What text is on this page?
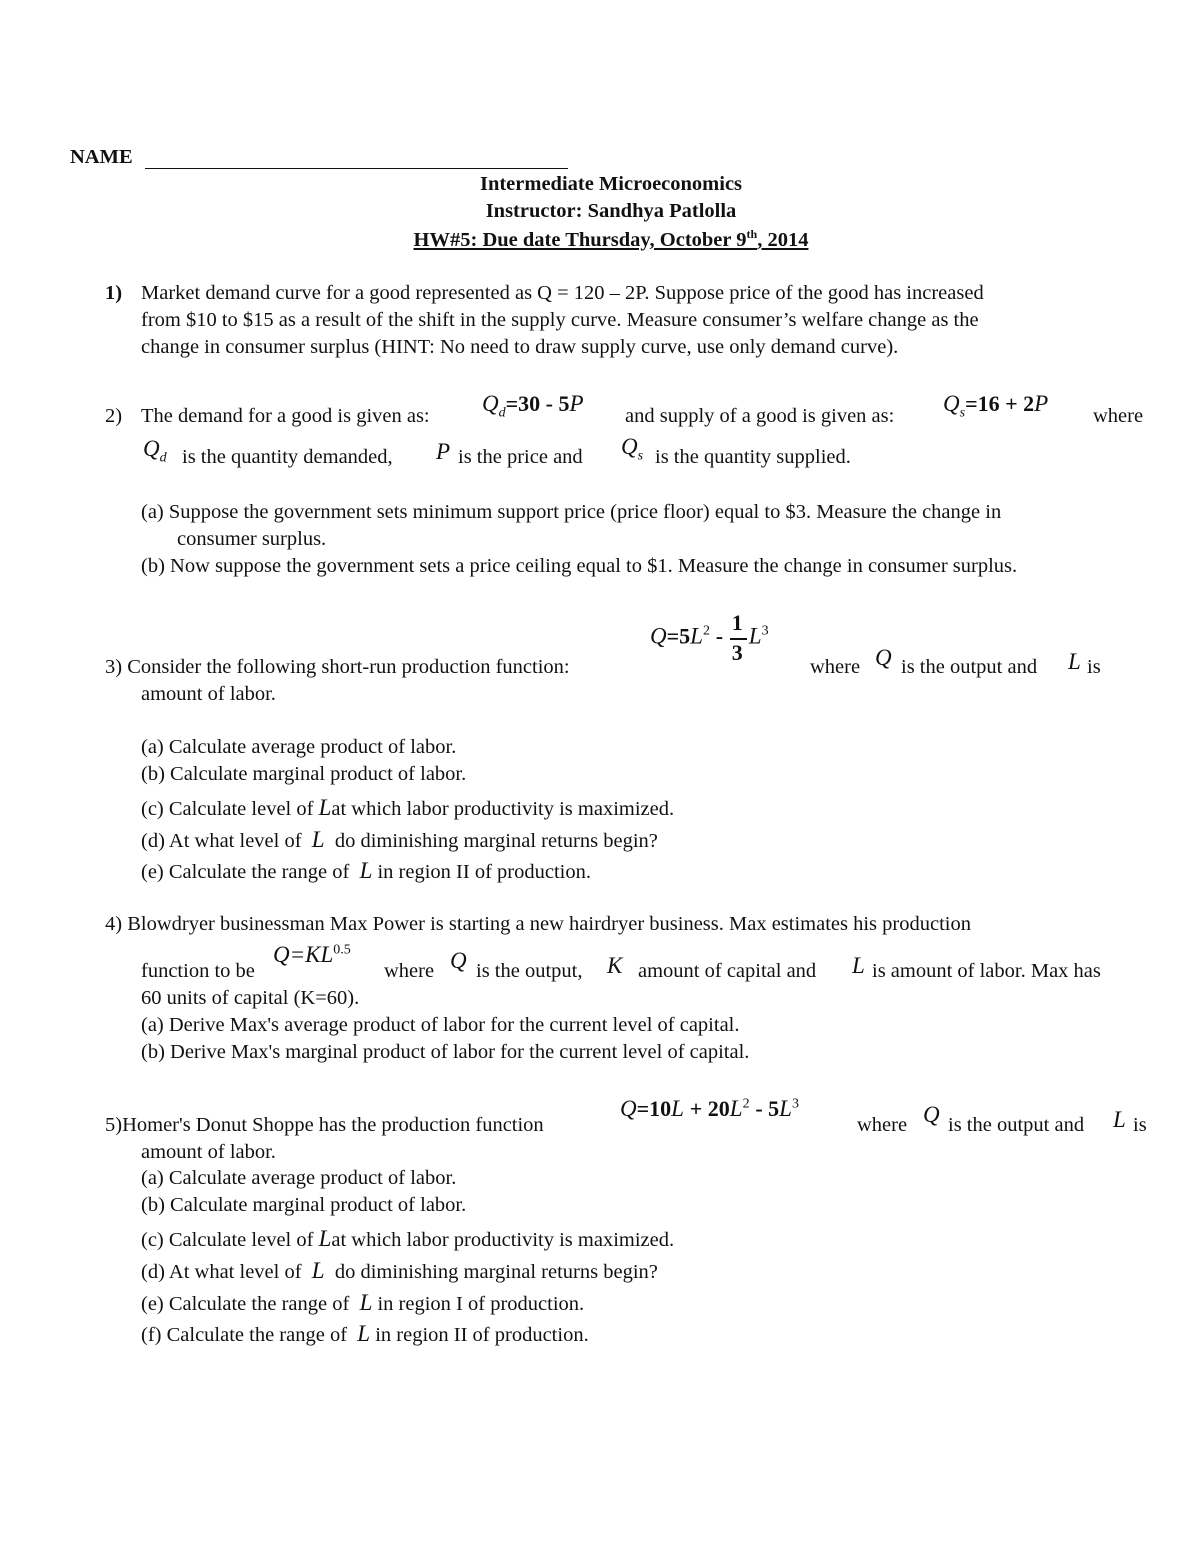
NAME
Intermediate Microeconomics
Instructor: Sandhya Patlolla
HW#5: Due date Thursday, October 9th, 2014
1) Market demand curve for a good represented as Q = 120 – 2P. Suppose price of the good has increased
from $10 to $15 as a result of the shift in the supply curve. Measure consumer’s welfare change as the
change in consumer surplus (HINT: No need to draw supply curve, use only demand curve).
2) The demand for a good is given as: $Q_d=30 - 5P$ and supply of a good is given as: $Q_s=16 + 2P$ where
$Q_d$ is the quantity demanded, P is the price and $Q_s$ is the quantity supplied.
(a) Suppose the government sets minimum support price (price floor) equal to $3. Measure the change in
consumer surplus.
(b) Now suppose the government sets a price ceiling equal to $1. Measure the change in consumer surplus.
$Q=5L^2 - \frac{1}{3} L^3$
3) Consider the following short-run production function:	where Q is the output and L is
amount of labor.
(a) Calculate average product of labor.
(b) Calculate marginal product of labor.
(c) Calculate level of Lat which labor productivity is maximized.
(d) At what level of L do diminishing marginal returns begin?
(e) Calculate the range of L in region II of production.
4) Blowdryer businessman Max Power is starting a new hairdryer business. Max estimates his production
function to be
$Q=KL^{0.5}$
where Q is the output, K amount of capital and L is amount of labor. Max has
60 units of capital (K=60).
(a) Derive Max's average product of labor for the current level of capital.
(b) Derive Max's marginal product of labor for the current level of capital.
5)Homer's Donut Shoppe has the production function
$Q=10L + 20L^2 - 5L^3$
where Q is the output and L is
amount of labor.
(a) Calculate average product of labor.
(b) Calculate marginal product of labor.
(c) Calculate level of Lat which labor productivity is maximized.
(d) At what level of L do diminishing marginal returns begin?
(e) Calculate the range of L in region I of production.
(f) Calculate the range of L in region II of production.
